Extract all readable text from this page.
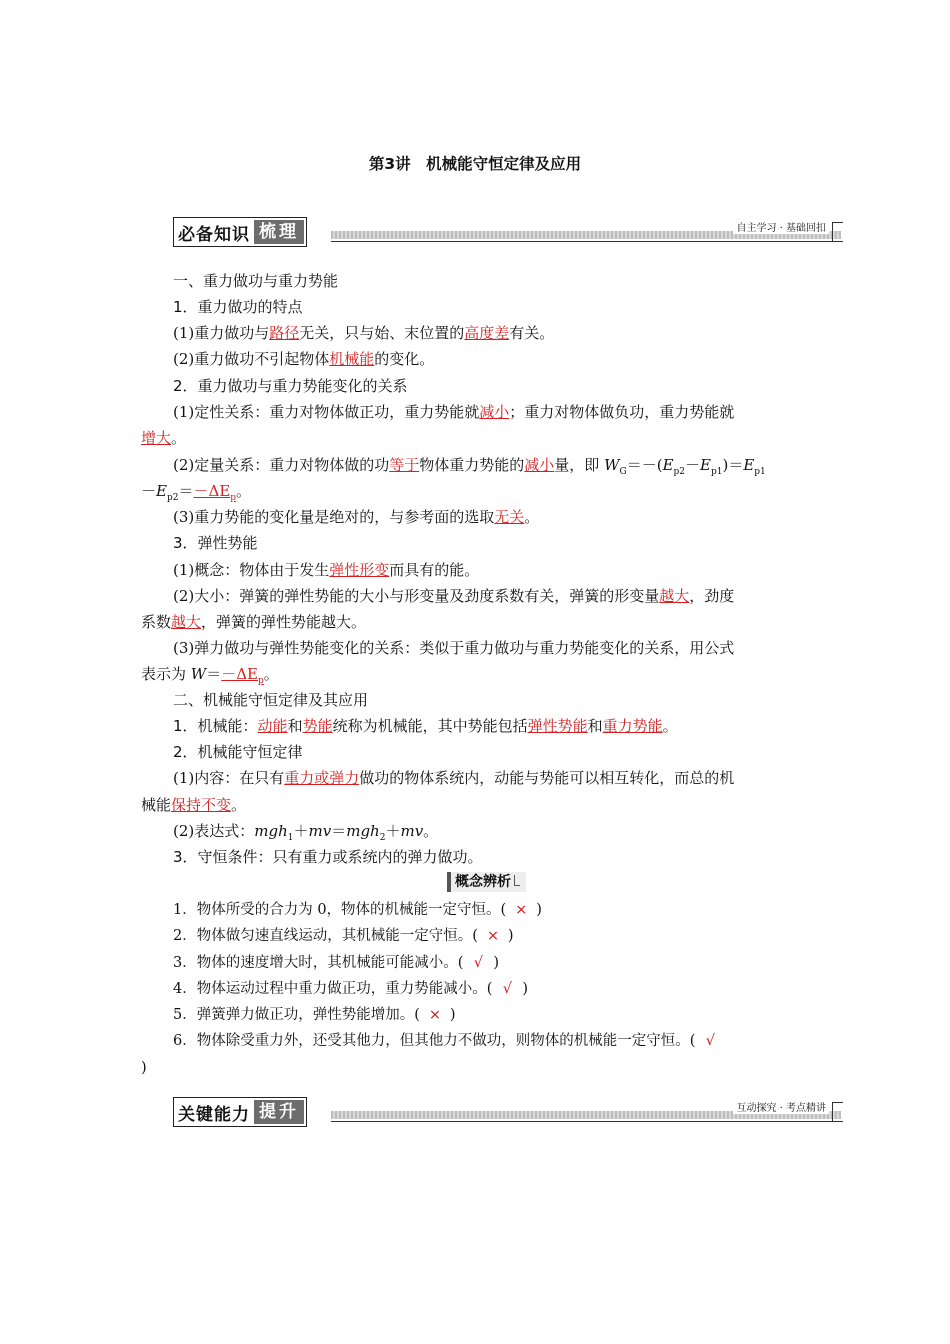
第3讲　机械能守恒定律及应用
必备知识 梳理	自主学习 · 基础回扣
一、重力做功与重力势能
1．重力做功的特点
(1)重力做功与路径无关，只与始、末位置的高度差有关。
(2)重力做功不引起物体机械能的变化。
2．重力做功与重力势能变化的关系
(1)定性关系：重力对物体做正功，重力势能就减小；重力对物体做负功，重力势能就
增大。
(2)定量关系：重力对物体做的功等于物体重力势能的减小量，即 $W_G=-(E_{p2}-E_{p1})=E_{p1}$
$-E_{p2}=-\Delta E_p$。
(3)重力势能的变化量是绝对的，与参考面的选取无关。
3．弹性势能
(1)概念：物体由于发生弹性形变而具有的能。
(2)大小：弹簧的弹性势能的大小与形变量及劲度系数有关，弹簧的形变量越大，劲度
系数越大，弹簧的弹性势能越大。
(3)弹力做功与弹性势能变化的关系：类似于重力做功与重力势能变化的关系，用公式
表示为 $W=-\Delta E_p$。
二、机械能守恒定律及其应用
1．机械能：动能和势能统称为机械能，其中势能包括弹性势能和重力势能。
2．机械能守恒定律
(1)内容：在只有重力或弹力做功的物体系统内，动能与势能可以相互转化，而总的机
械能保持不变。
(2)表达式：mgh$_1$＋mv＝mgh$_2$＋mv。
3．守恒条件：只有重力或系统内的弹力做功。
概念辨析
1．物体所受的合力为 0，物体的机械能一定守恒。( × )
2．物体做匀速直线运动，其机械能一定守恒。( × )
3．物体的速度增大时，其机械能可能减小。( √ )
4．物体运动过程中重力做正功，重力势能减小。( √ )
5．弹簧弹力做正功，弹性势能增加。( × )
6．物体除受重力外，还受其他力，但其他力不做功，则物体的机械能一定守恒。( √
)
关键能力 提升	互动探究 · 考点精讲
